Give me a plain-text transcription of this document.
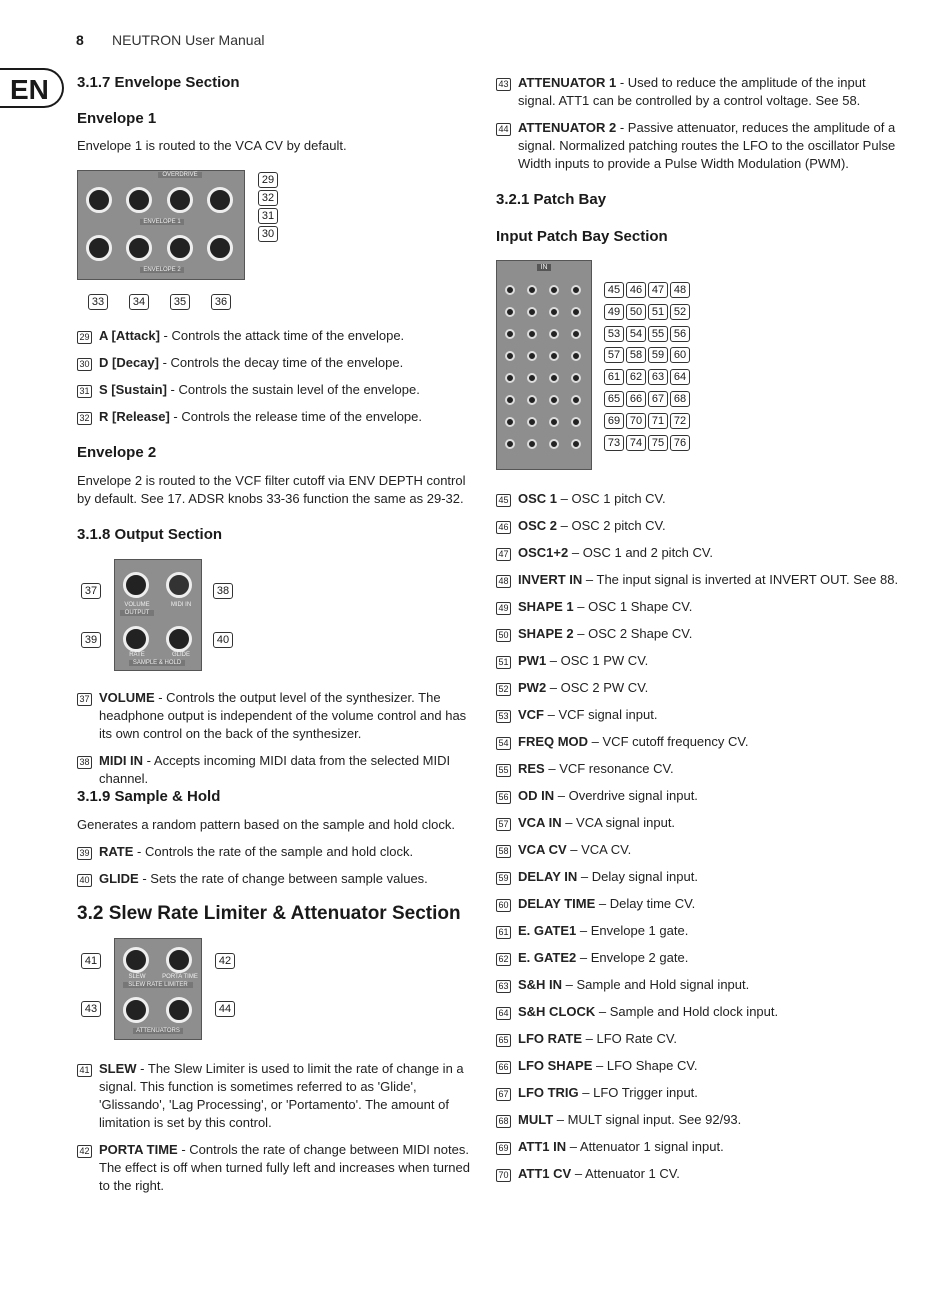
8 NEUTRON User Manual
EN	3.1.7 Envelope Section
Envelope 1

Envelope 1 is routed to the VCA CV by default.

OVERDRIVE
ENVELOPE 1
ENVELOPE 2
29
32
31
30
33	34	35	36
29 A [Attack] - Controls the attack time of the envelope.
30 D [Decay] - Controls the decay time of the envelope.
31 S [Sustain] - Controls the sustain level of the envelope.
32 R [Release] - Controls the release time of the envelope.
Envelope 2

Envelope 2 is routed to the VCF filter cutoff via ENV DEPTH control by default. See 17. ADSR knobs 33-36 function the same as 29-32.

3.1.8 Output Section
VOLUME	MIDI IN
OUTPUT
RATE	GLIDE
SAMPLE & HOLD
37	38
39	40
37 VOLUME - Controls the output level of the synthesizer. The headphone output is independent of the volume control and has its own control on the back of the synthesizer.
38 MIDI IN - Accepts incoming MIDI data from the selected MIDI channel.
3.1.9 Sample & Hold

Generates a random pattern based on the sample and hold clock.

39 RATE - Controls the rate of the sample and hold clock.
40 GLIDE - Sets the rate of change between sample values.
3.2 Slew Rate Limiter & Attenuator Section
SLEW	PORTA TIME
SLEW RATE LIMITER
ATTENUATORS
41	42
43	44
41 SLEW - The Slew Limiter is used to limit the rate of change in a signal. This function is sometimes referred to as 'Glide', 'Glissando', 'Lag Processing', or 'Portamento'. The amount of limitation is set by this control.
42 PORTA TIME - Controls the rate of change between MIDI notes. The effect is off when turned fully left and increases when turned to the right.
43 ATTENUATOR 1 - Used to reduce the amplitude of the input signal. ATT1 can be controlled by a control voltage. See 58.
44 ATTENUATOR 2 - Passive attenuator, reduces the amplitude of a signal. Normalized patching routes the LFO to the oscillator Pulse Width inputs to provide a Pulse Width Modulation (PWM).
3.2.1 Patch Bay
Input Patch Bay Section
IN
45 46 47 48
49 50 51 52
53 54 55 56
57 58 59 60
61 62 63 64
65 66 67 68
69 70 71 72
73 74 75 76
45 OSC 1 – OSC 1 pitch CV.
46 OSC 2 – OSC 2 pitch CV.
47 OSC1+2 – OSC 1 and 2 pitch CV.
48 INVERT IN – The input signal is inverted at INVERT OUT. See 88.
49 SHAPE 1 – OSC 1 Shape CV.
50 SHAPE 2 – OSC 2 Shape CV.
51 PW1 – OSC 1 PW CV.
52 PW2 – OSC 2 PW CV.
53 VCF – VCF signal input.
54 FREQ MOD – VCF cutoff frequency CV.
55 RES – VCF resonance CV.
56 OD IN – Overdrive signal input.
57 VCA IN – VCA signal input.
58 VCA CV – VCA CV.
59 DELAY IN – Delay signal input.
60 DELAY TIME – Delay time CV.
61 E. GATE1 – Envelope 1 gate.
62 E. GATE2 – Envelope 2 gate.
63 S&H IN – Sample and Hold signal input.
64 S&H CLOCK – Sample and Hold clock input.
65 LFO RATE – LFO Rate CV.
66 LFO SHAPE – LFO Shape CV.
67 LFO TRIG – LFO Trigger input.
68 MULT – MULT signal input. See 92/93.
69 ATT1 IN – Attenuator 1 signal input.
70 ATT1 CV – Attenuator 1 CV.
